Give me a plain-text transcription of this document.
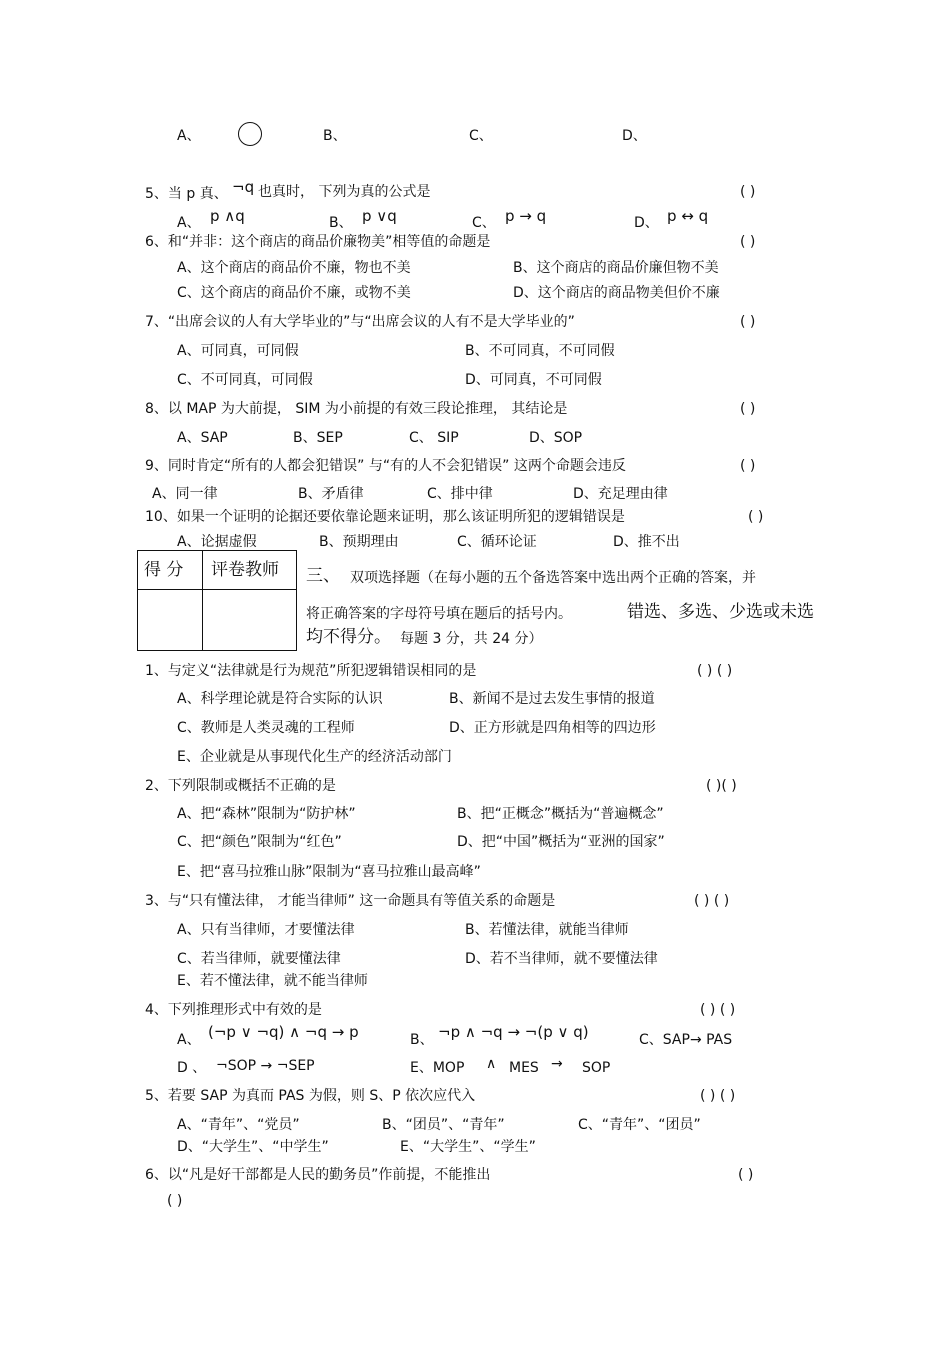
A、	B、	C、	D、
5、当 p 真、 ¬q 也真时， 下列为真的公式是	( )
A、 p ∧q	B、 p ∨q	C、 p → q	D、 p ↔ q
6、和“并非：这个商店的商品价廉物美”相等值的命题是	( )
A、这个商店的商品价不廉，物也不美	B、这个商店的商品价廉但物不美
C、这个商店的商品价不廉，或物不美	D、这个商店的商品物美但价不廉
7、“出席会议的人有大学毕业的”与“出席会议的人有不是大学毕业的”	( )
A、可同真，可同假	B、不可同真，不可同假
C、不可同真，可同假	D、可同真，不可同假
8、以 MAP 为大前提， SIM 为小前提的有效三段论推理， 其结论是	( )
A、SAP	B、SEP	C、 SIP	D、SOP
9、同时肯定“所有的人都会犯错误” 与“有的人不会犯错误” 这两个命题会违反	( )
A、同一律	B、矛盾律	C、排中律	D、充足理由律
10、如果一个证明的论据还要依靠论题来证明，那么该证明所犯的逻辑错误是	( )
A、论据虚假	B、预期理由	C、循环论证	D、推不出
得 分 评卷教师 三、 双项选择题（在每小题的五个备选答案中选出两个正确的答案，并
将正确答案的字母符号填在题后的括号内。	错选、多选、少选或未选
均不得分。 每题 3 分，共 24 分）
1、与定义“法律就是行为规范”所犯逻辑错误相同的是	( ) ( )
A、科学理论就是符合实际的认识	B、新闻不是过去发生事情的报道
C、教师是人类灵魂的工程师	D、正方形就是四角相等的四边形
E、企业就是从事现代化生产的经济活动部门
2、下列限制或概括不正确的是	( )( )
A、把“森林”限制为“防护林”	B、把“正概念”概括为“普遍概念”
C、把“颜色”限制为“红色”	D、把“中国”概括为“亚洲的国家”
E、把“喜马拉雅山脉”限制为“喜马拉雅山最高峰”
3、与“只有懂法律， 才能当律师” 这一命题具有等值关系的命题是	( ) ( )
A、只有当律师，才要懂法律	B、若懂法律，就能当律师
C、若当律师，就要懂法律	D、若不当律师，就不要懂法律
E、若不懂法律，就不能当律师
4、下列推理形式中有效的是	( ) ( )
A、 (¬p ∨ ¬q) ∧ ¬q → p	B、 ¬p ∧ ¬q → ¬(p ∨ q)	C、SAP→ PAS
D 、 ¬SOP → ¬SEP	E、MOP ∧ MES → SOP
5、若要 SAP 为真而 PAS 为假，则 S、P 依次应代入	( ) ( )
A、“青年”、“党员”	B、“团员”、“青年”	C、“青年”、“团员”
D、“大学生”、“中学生”	E、“大学生”、“学生”
6、以“凡是好干部都是人民的勤务员”作前提，不能推出	( )
( )
